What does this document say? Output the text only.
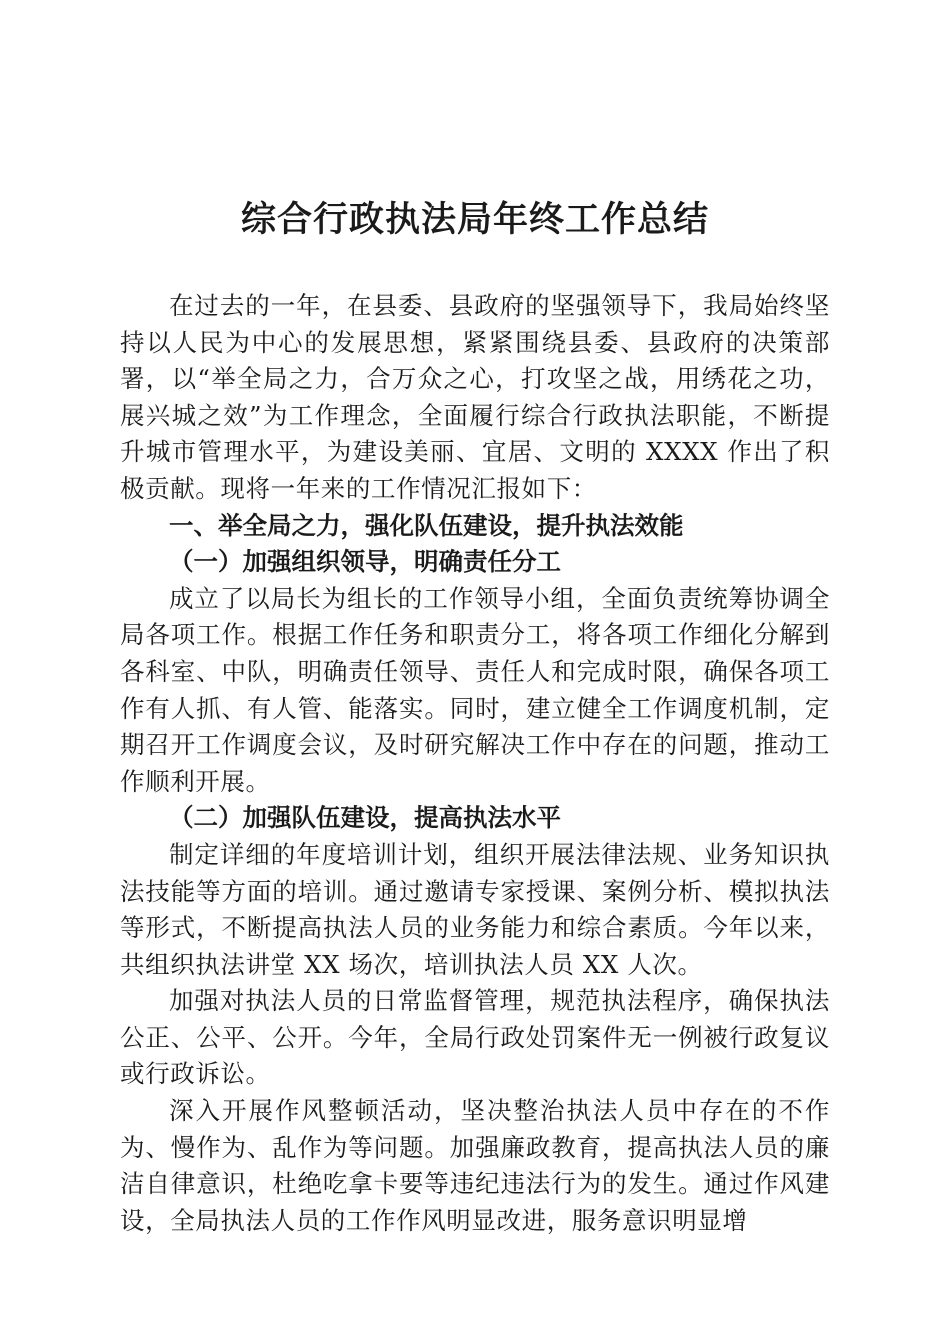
综合行政执法局年终工作总结

在过去的一年，在县委、县政府的坚强领导下，我局始终坚持以人民为中心的发展思想，紧紧围绕县委、县政府的决策部署，以“举全局之力，合万众之心，打攻坚之战，用绣花之功，展兴城之效”为工作理念，全面履行综合行政执法职能，不断提升城市管理水平，为建设美丽、宜居、文明的 XXXX 作出了积极贡献。现将一年来的工作情况汇报如下：

一、举全局之力，强化队伍建设，提升执法效能

（一）加强组织领导，明确责任分工

成立了以局长为组长的工作领导小组，全面负责统筹协调全局各项工作。根据工作任务和职责分工，将各项工作细化分解到各科室、中队，明确责任领导、责任人和完成时限，确保各项工作有人抓、有人管、能落实。同时，建立健全工作调度机制，定期召开工作调度会议，及时研究解决工作中存在的问题，推动工作顺利开展。

（二）加强队伍建设，提高执法水平

制定详细的年度培训计划，组织开展法律法规、业务知识执法技能等方面的培训。通过邀请专家授课、案例分析、模拟执法等形式，不断提高执法人员的业务能力和综合素质。今年以来，共组织执法讲堂 XX 场次，培训执法人员 XX 人次。

加强对执法人员的日常监督管理，规范执法程序，确保执法公正、公平、公开。今年，全局行政处罚案件无一例被行政复议或行政诉讼。

深入开展作风整顿活动，坚决整治执法人员中存在的不作为、慢作为、乱作为等问题。加强廉政教育，提高执法人员的廉洁自律意识，杜绝吃拿卡要等违纪违法行为的发生。通过作风建设，全局执法人员的工作作风明显改进，服务意识明显增
